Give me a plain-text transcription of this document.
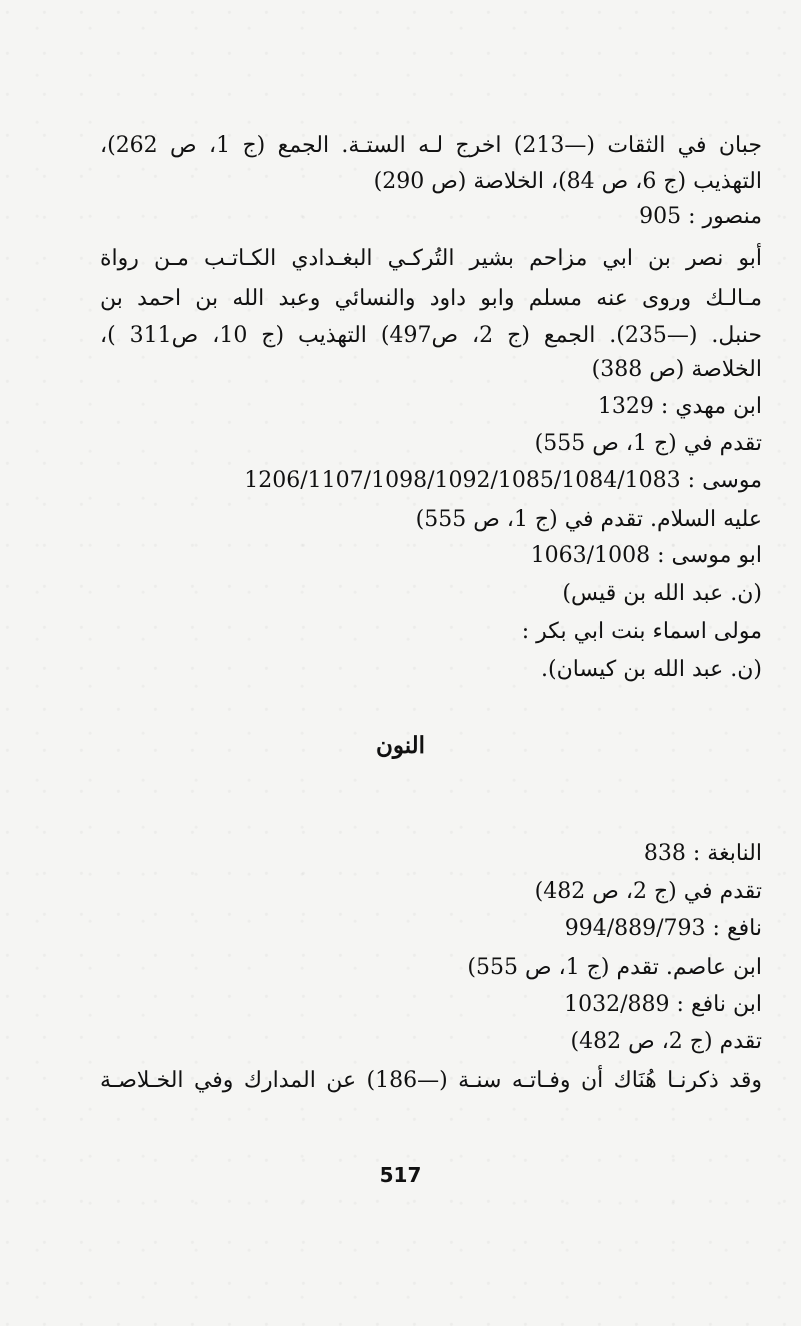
جبان في الثقات (—213) اخرج لـه الستـة. الجمع (ج 1، ص 262)،
التهذيب (ج 6، ص 84)، الخلاصة (ص 290)
منصور : 905
أبو نصر بن ابي مزاحم بشير التُركـي البغـدادي الكـاتـب مـن رواة
مـالـك وروى عنه مسلم وابو داود والنسائي وعبد الله بن احمد بن
حنبل. (—235). الجمع (ج 2، ص497) التهذيب (ج 10، ص311 )،
الخلاصة (ص 388)
ابن مهدي : 1329
تقدم في (ج 1، ص 555)
موسى : 1206/1107/1098/1092/1085/1084/1083
عليه السلام. تقدم في (ج 1، ص 555)
ابو موسى : 1063/1008
(ن. عبد الله بن قيس)
مولى اسماء بنت ابي بكر :
(ن. عبد الله بن كيسان).
النون
النابغة : 838
تقدم في (ج 2، ص 482)
نافع : 994/889/793
ابن عاصم. تقدم (ج 1، ص 555)
ابن نافع : 1032/889
تقدم (ج 2، ص 482)
وقد ذكرنـا هُنَاك أن وفـاتـه سنـة (—186) عن المدارك وفي الخـلاصـة
517
